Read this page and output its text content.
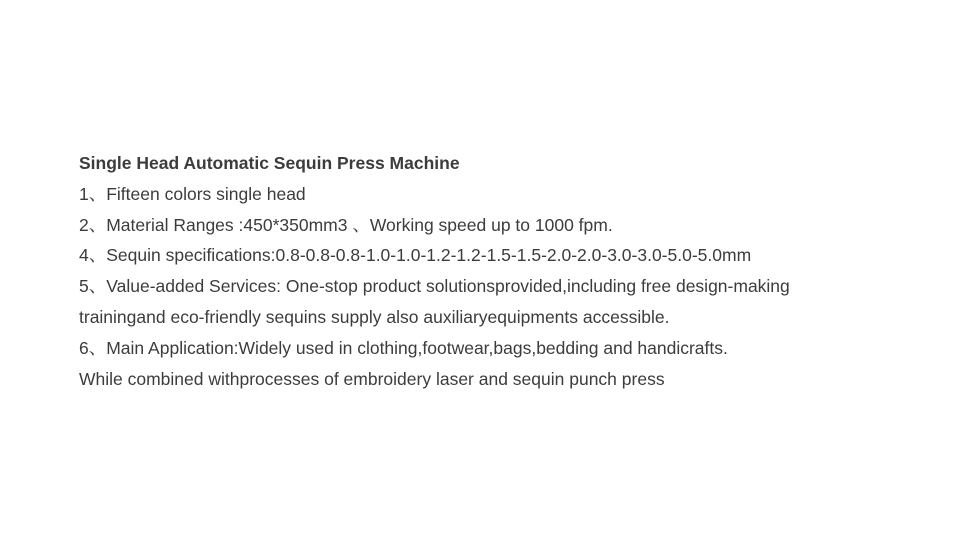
Single Head Automatic Sequin Press Machine

1、Fifteen colors single head

2、Material Ranges :450*350mm3 、Working speed up to 1000 fpm.

4、Sequin specifications:0.8-0.8-0.8-1.0-1.0-1.2-1.2-1.5-1.5-2.0-2.0-3.0-3.0-5.0-5.0mm

5、Value-added Services: One-stop product solutionsprovided,including free design-making

trainingand eco-friendly sequins supply also auxiliaryequipments accessible.

6、Main Application:Widely used in clothing,footwear,bags,bedding and handicrafts.

While combined withprocesses of embroidery laser and sequin punch press
